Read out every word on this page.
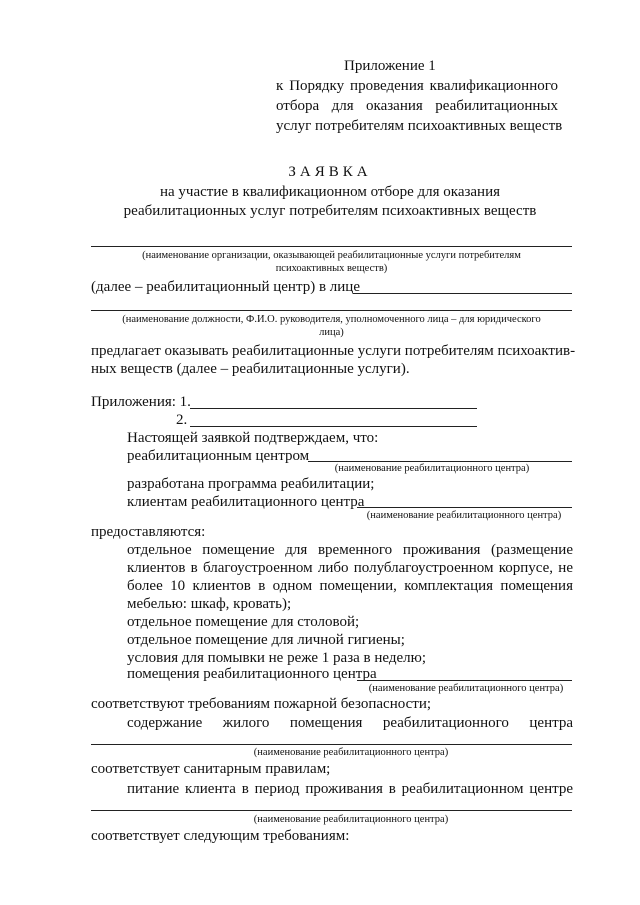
Приложение 1
к Порядку проведения квалификационного
отбора для оказания реабилитационных
услуг потребителям психоактивных веществ
ЗАЯВКА
на участие в квалификационном отборе для оказания
реабилитационных услуг потребителям психоактивных веществ
(наименование организации, оказывающей реабилитационные услуги потребителям
психоактивных веществ)
(далее – реабилитационный центр) в лице
(наименование должности, Ф.И.О. руководителя, уполномоченного лица – для юридического
лица)
предлагает оказывать реабилитационные услуги потребителям психоактив-
ных веществ (далее – реабилитационные услуги).
Приложения: 1.
2.
Настоящей заявкой подтверждаем, что:
реабилитационным центром
(наименование реабилитационного центра)
разработана программа реабилитации;
клиентам реабилитационного центра
(наименование реабилитационного центра)
предоставляются:
отдельное помещение для временного проживания (размещение
клиентов в благоустроенном либо полублагоустроенном корпусе, не
более 10 клиентов в одном помещении, комплектация помещения
мебелью: шкаф, кровать);
отдельное помещение для столовой;
отдельное помещение для личной гигиены;
условия для помывки не реже 1 раза в неделю;
помещения реабилитационного центра
(наименование реабилитационного центра)
соответствуют требованиям пожарной безопасности;
содержание жилого помещения реабилитационного центра
(наименование реабилитационного центра)
соответствует санитарным правилам;
питание клиента в период проживания в реабилитационном центре
(наименование реабилитационного центра)
соответствует следующим требованиям:
